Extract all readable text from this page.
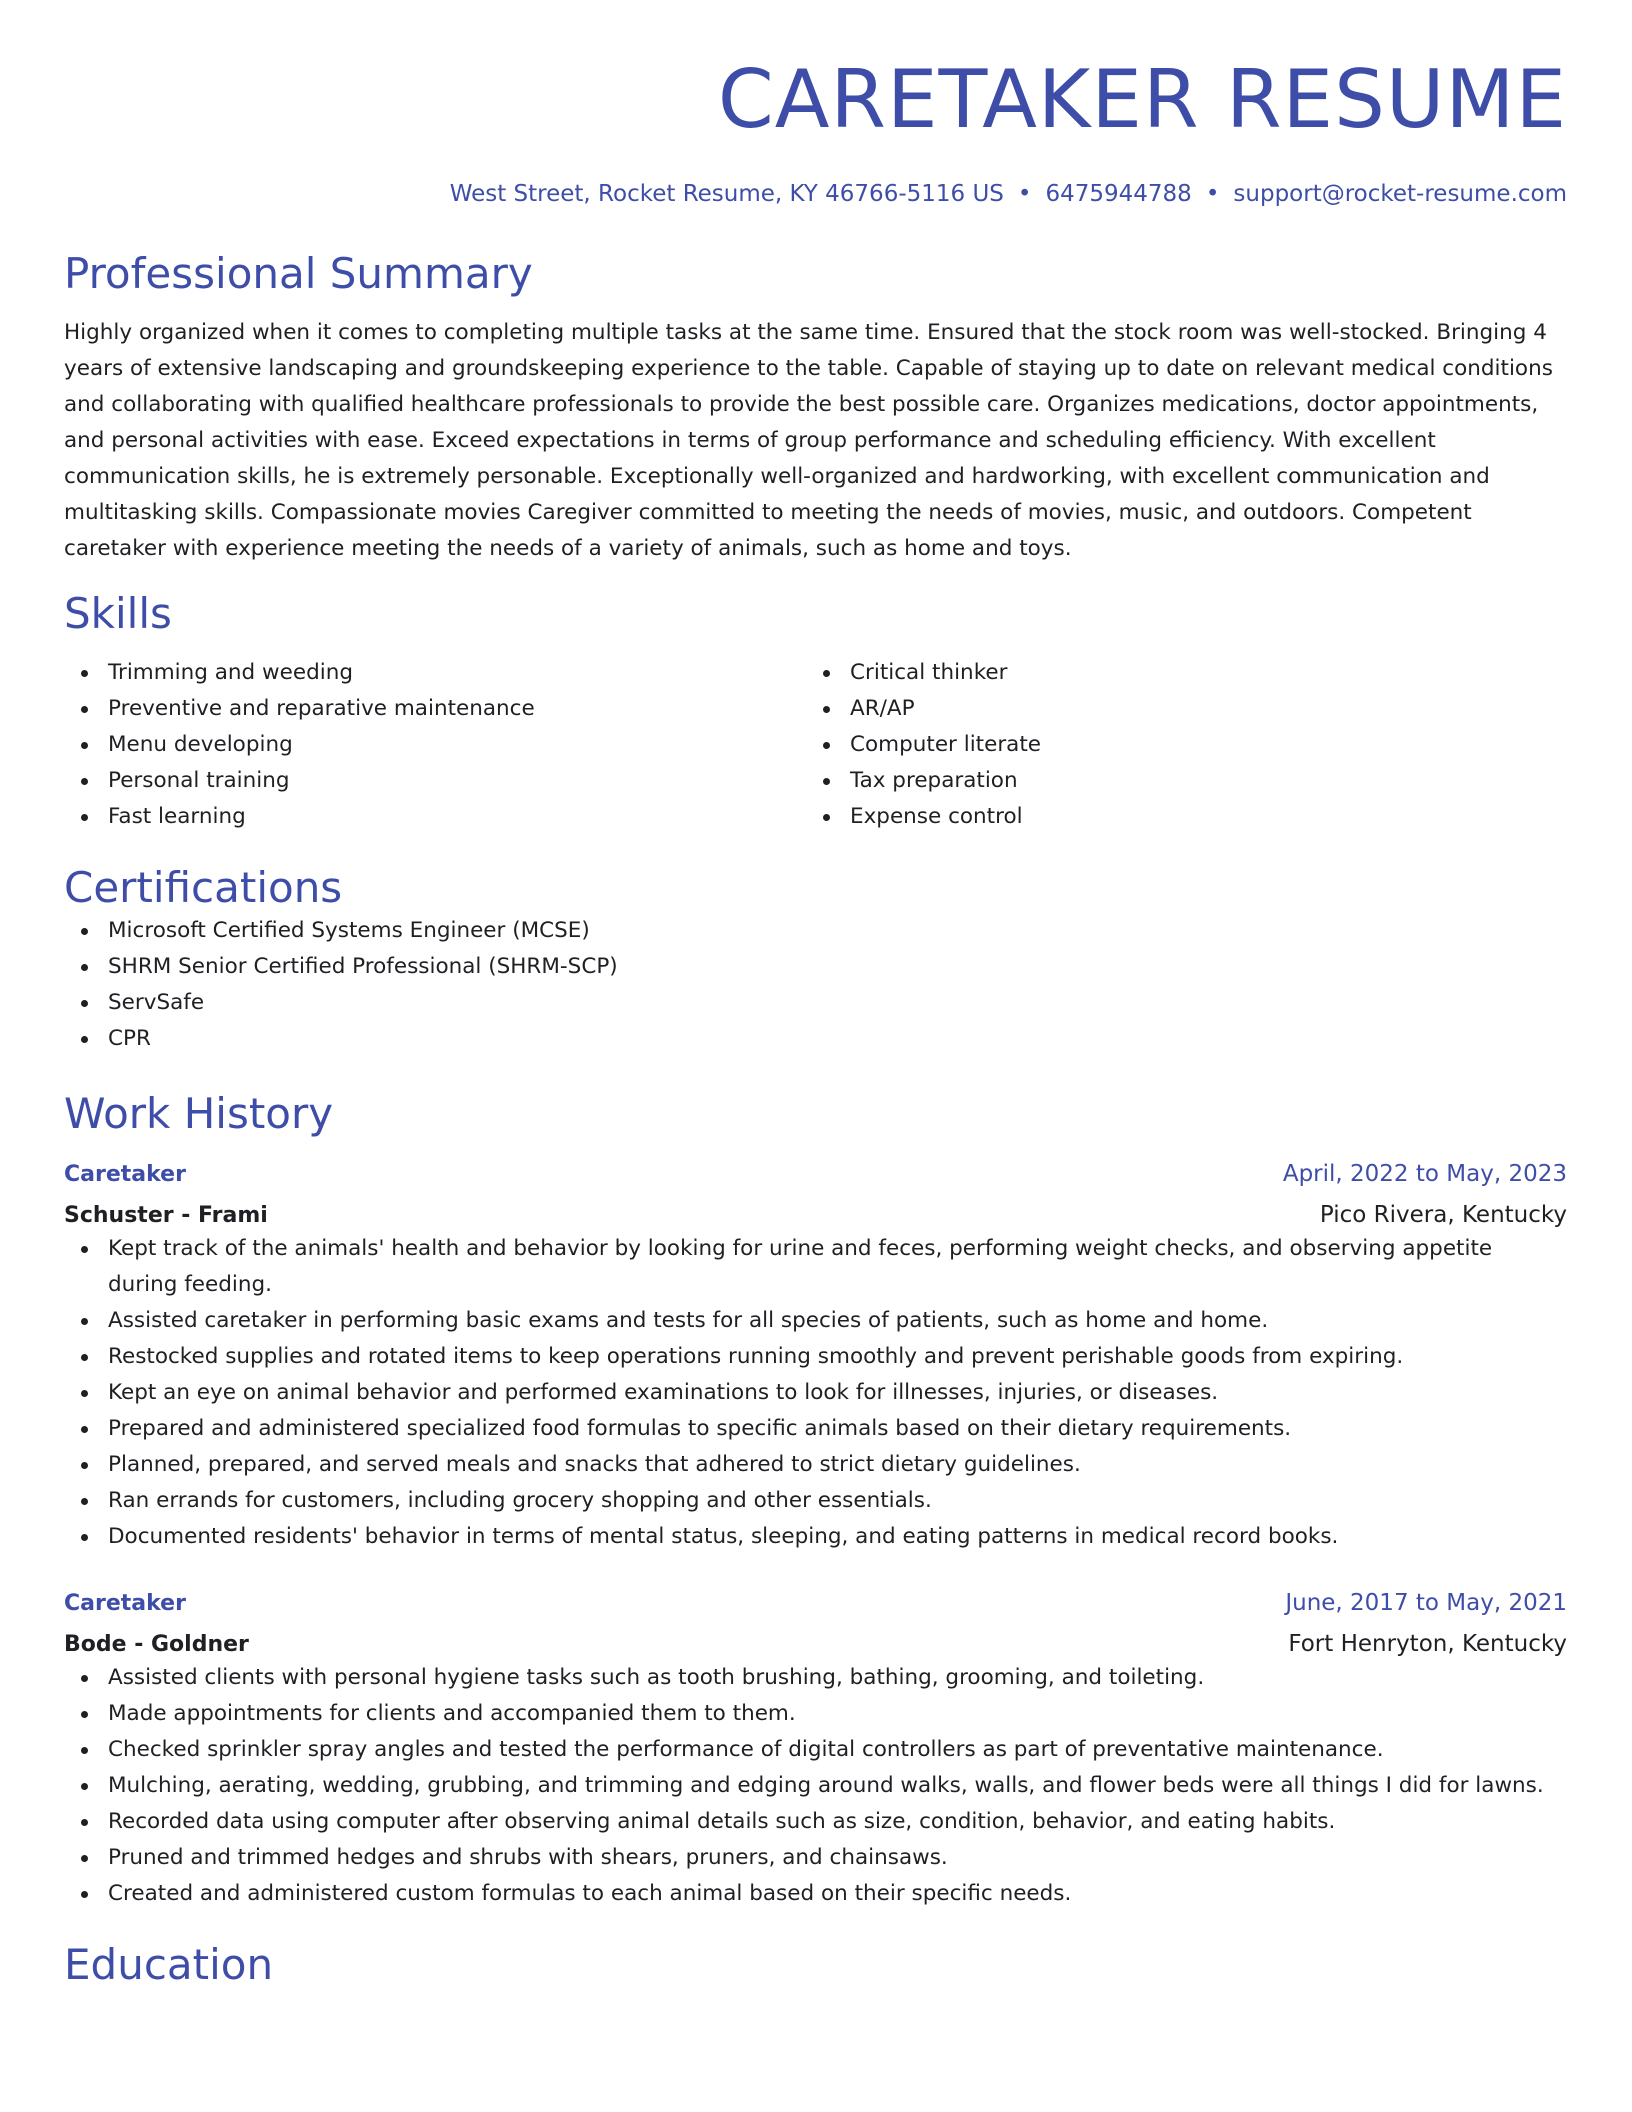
CARETAKER RESUME
West Street, Rocket Resume, KY 46766-5116 US • 6475944788 • support@rocket-resume.com
Professional Summary
Highly organized when it comes to completing multiple tasks at the same time. Ensured that the stock room was well-stocked. Bringing 4 years of extensive landscaping and groundskeeping experience to the table. Capable of staying up to date on relevant medical conditions and collaborating with qualified healthcare professionals to provide the best possible care. Organizes medications, doctor appointments, and personal activities with ease. Exceed expectations in terms of group performance and scheduling efficiency. With excellent communication skills, he is extremely personable. Exceptionally well-organized and hardworking, with excellent communication and multitasking skills. Compassionate movies Caregiver committed to meeting the needs of movies, music, and outdoors. Competent caretaker with experience meeting the needs of a variety of animals, such as home and toys.
Skills
Trimming and weeding
Preventive and reparative maintenance
Menu developing
Personal training
Fast learning
Critical thinker
AR/AP
Computer literate
Tax preparation
Expense control
Certifications
Microsoft Certified Systems Engineer (MCSE)
SHRM Senior Certified Professional (SHRM-SCP)
ServSafe
CPR
Work History
Caretaker	April, 2022 to May, 2023
Schuster - Frami	Pico Rivera, Kentucky
Kept track of the animals' health and behavior by looking for urine and feces, performing weight checks, and observing appetite during feeding.
Assisted caretaker in performing basic exams and tests for all species of patients, such as home and home.
Restocked supplies and rotated items to keep operations running smoothly and prevent perishable goods from expiring.
Kept an eye on animal behavior and performed examinations to look for illnesses, injuries, or diseases.
Prepared and administered specialized food formulas to specific animals based on their dietary requirements.
Planned, prepared, and served meals and snacks that adhered to strict dietary guidelines.
Ran errands for customers, including grocery shopping and other essentials.
Documented residents' behavior in terms of mental status, sleeping, and eating patterns in medical record books.
Caretaker	June, 2017 to May, 2021
Bode - Goldner	Fort Henryton, Kentucky
Assisted clients with personal hygiene tasks such as tooth brushing, bathing, grooming, and toileting.
Made appointments for clients and accompanied them to them.
Checked sprinkler spray angles and tested the performance of digital controllers as part of preventative maintenance.
Mulching, aerating, wedding, grubbing, and trimming and edging around walks, walls, and flower beds were all things I did for lawns.
Recorded data using computer after observing animal details such as size, condition, behavior, and eating habits.
Pruned and trimmed hedges and shrubs with shears, pruners, and chainsaws.
Created and administered custom formulas to each animal based on their specific needs.
Education
